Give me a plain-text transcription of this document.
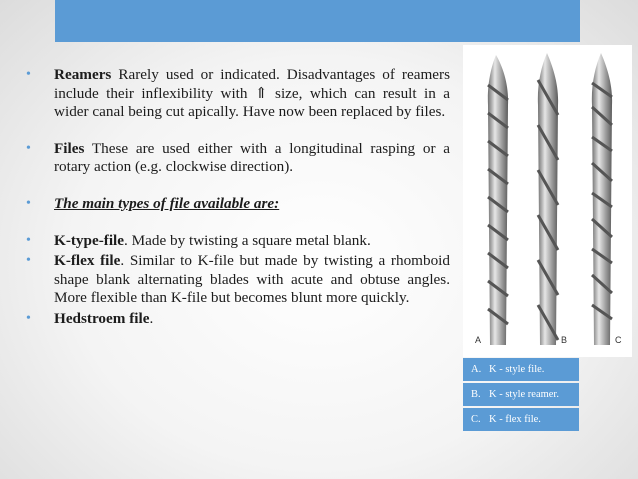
• Reamers Rarely used or indicated. Disadvantages of reamers include their inflexibility with ⇑ size, which can result in a wider canal being cut apically. Have now been replaced by files.
• Files These are used either with a longitudinal rasping or a rotary action (e.g. clockwise direction).
• The main types of file available are:
• K-type-file. Made by twisting a square metal blank.
• K-flex file. Similar to K-file but made by twisting a rhomboid shape blank alternating blades with acute and obtuse angles. More flexible than K-file but becomes blunt more quickly.
• Hedstroem file.
A	B	C
A. K - style file.
B. K - style reamer.
C. K - flex file.
